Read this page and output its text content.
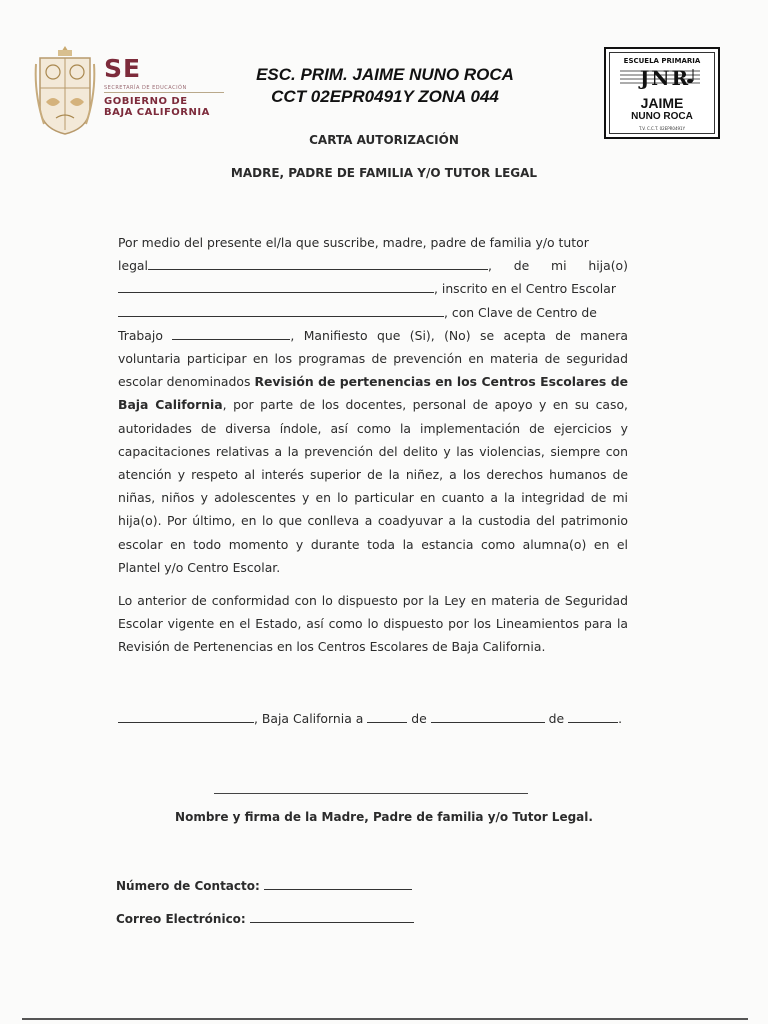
SE
SECRETARÍA DE EDUCACIÓN
GOBIERNO DE
BAJA CALIFORNIA
ESC. PRIM. JAIME NUNO ROCA
CCT 02EPR0491Y ZONA 044
ESCUELA PRIMARIA
JNR
JAIME
NUNO ROCA
T.V. C.C.T. 02EPR0491Y
CARTA AUTORIZACIÓN
MADRE, PADRE DE FAMILIA Y/O TUTOR LEGAL

Por medio del presente el/la que suscribe, madre, padre de familia y/o tutor
legal	, de mi hija(o)
, inscrito en el Centro Escolar
, con Clave de Centro de
Trabajo	, Manifiesto que (Si), (No) se acepta de manera voluntaria participar en los programas de prevención en materia de seguridad escolar denominados Revisión de pertenencias en los Centros Escolares de Baja California, por parte de los docentes, personal de apoyo y en su caso, autoridades de diversa índole, así como la implementación de ejercicios y capacitaciones relativas a la prevención del delito y las violencias, siempre con atención y respeto al interés superior de la niñez, a los derechos humanos de niñas, niños y adolescentes y en lo particular en cuanto a la integridad de mi hija(o). Por último, en lo que conlleva a coadyuvar a la custodia del patrimonio escolar en todo momento y durante toda la estancia como alumna(o) en el Plantel y/o Centro Escolar.

Lo anterior de conformidad con lo dispuesto por la Ley en materia de Seguridad Escolar vigente en el Estado, así como lo dispuesto por los Lineamientos para la Revisión de Pertenencias en los Centros Escolares de Baja California.

, Baja California a	de	de	.
Nombre y firma de la Madre, Padre de familia y/o Tutor Legal.
Número de Contacto:
Correo Electrónico:
